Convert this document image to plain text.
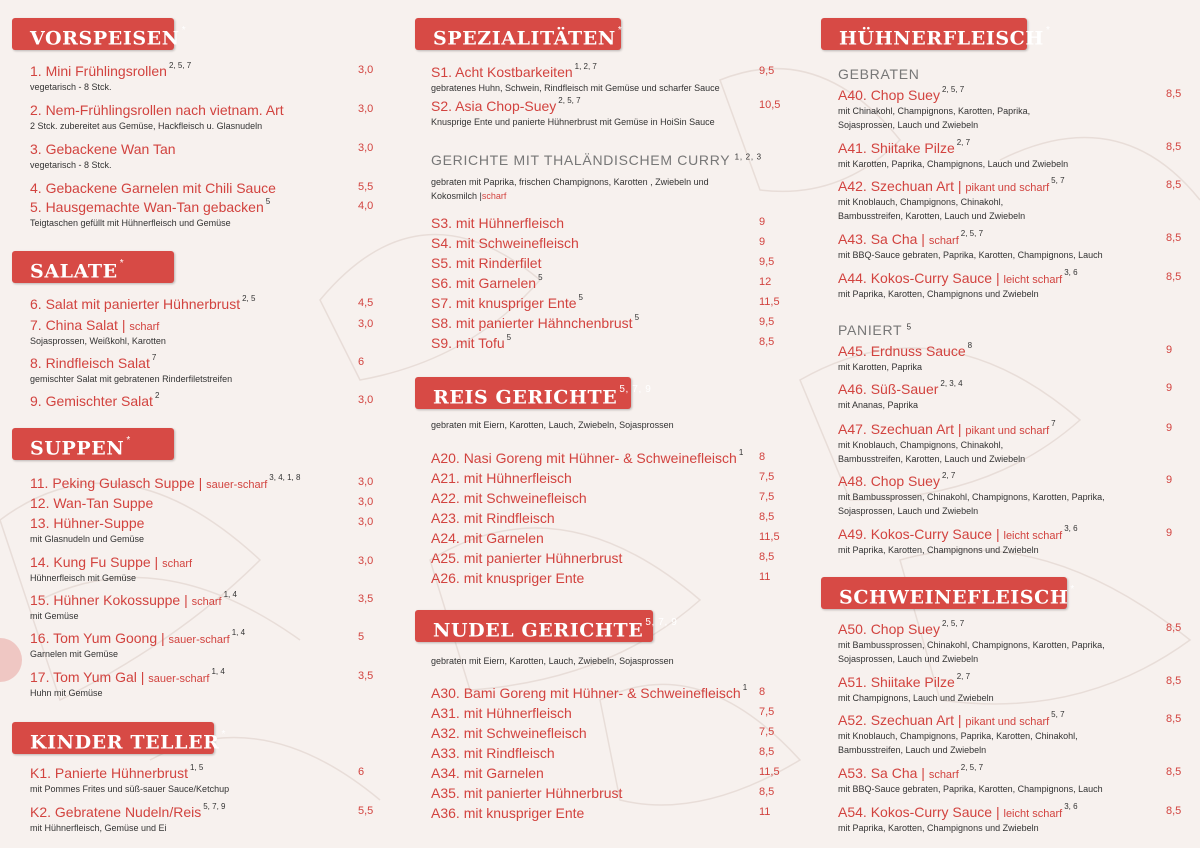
VORSPEISEN *
1. Mini Frühlingsrollen $^{2, 5, 7}$	3,0
vegetarisch - 8 Stck.
2. Nem-Frühlingsrollen nach vietnam. Art	3,0
2 Stck. zubereitet aus Gemüse, Hackfleisch u. Glasnudeln
3. Gebackene Wan Tan	3,0
vegetarisch - 8 Stck.
4. Gebackene Garnelen mit Chili Sauce	5,5
5. Hausgemachte Wan-Tan gebacken $^5$	4,0
Teigtaschen gefüllt mit Hühnerfleisch und Gemüse
SALATE *
6. Salat mit panierter Hühnerbrust $^{2, 5}$	4,5
7. China Salat | scharf	3,0
Sojasprossen, Weißkohl, Karotten
8. Rindfleisch Salat $^7$	6
gemischter Salat mit gebratenen Rinderfiletstreifen
9. Gemischter Salat $^2$	3,0
SUPPEN *
11. Peking Gulasch Suppe | sauer-scharf$^{3, 4, 1, 8}$	3,0
12. Wan-Tan Suppe	3,0
13. Hühner-Suppe	3,0
mit Glasnudeln und Gemüse
14. Kung Fu Suppe | scharf	3,0
Hühnerfleisch mit Gemüse
15. Hühner Kokossuppe | scharf$^{1, 4}$	3,5
mit Gemüse
16. Tom Yum Goong | sauer-scharf$^{1, 4}$	5
Garnelen mit Gemüse
17. Tom Yum Gal | sauer-scharf$^{1, 4}$	3,5
Huhn mit Gemüse
KINDER TELLER *
K1. Panierte Hühnerbrust $^{1, 5}$	6
mit Pommes Frites und süß-sauer Sauce/Ketchup
K2. Gebratene Nudeln/Reis $^{5, 7, 9}$	5,5
mit Hühnerfleisch, Gemüse und Ei
SPEZIALITÄTEN *
S1. Acht Kostbarkeiten $^{1, 2, 7}$	9,5
gebratenes Huhn, Schwein, Rindfleisch mit Gemüse und scharfer Sauce
S2. Asia Chop-Suey $^{2, 5, 7}$	10,5
Knusprige Ente und panierte Hühnerbrust mit Gemüse in HoiSin Sauce
GERICHTE MIT THALÄNDISCHEM CURRY $^{1, 2, 3}$
gebraten mit Paprika, frischen Champignons, Karotten , Zwiebeln und
Kokosmilch |scharf
S3. mit Hühnerfleisch	9
S4. mit Schweinefleisch	9
S5. mit Rinderfilet	9,5
S6. mit Garnelen $^5$	12
S7. mit knuspriger Ente $^5$	11,5
S8. mit panierter Hähnchenbrust $^5$	9,5
S9. mit Tofu $^5$	8,5
REIS GERICHTE $^{5, 7, 9}$
gebraten mit Eiern, Karotten, Lauch, Zwiebeln, Sojasprossen
A20. Nasi Goreng mit Hühner- & Schweinefleisch $^1$ 8
A21. mit Hühnerfleisch	7,5
A22. mit Schweinefleisch	7,5
A23. mit Rindfleisch	8,5
A24. mit Garnelen	11,5
A25. mit panierter Hühnerbrust	8,5
A26. mit knuspriger Ente	11
NUDEL GERICHTE $^{5, 7, 9}$
gebraten mit Eiern, Karotten, Lauch, Zwiebeln, Sojasprossen
A30. Bami Goreng mit Hühner- & Schweinefleisch $^1$ 8
A31. mit Hühnerfleisch	7,5
A32. mit Schweinefleisch	7,5
A33. mit Rindfleisch	8,5
A34. mit Garnelen	11,5
A35. mit panierter Hühnerbrust	8,5
A36. mit knuspriger Ente	11
HÜHNERFLEISCH *
GEBRATEN
A40. Chop Suey $^{2, 5, 7}$	8,5
mit Chinakohl, Champignons, Karotten, Paprika,
Sojasprossen, Lauch und Zwiebeln
A41. Shiitake Pilze $^{2, 7}$	8,5
mit Karotten, Paprika, Champignons, Lauch und Zwiebeln
A42. Szechuan Art | pikant und scharf$^{5, 7}$	8,5
mit Knoblauch, Champignons, Chinakohl,
Bambusstreifen, Karotten, Lauch und Zwiebeln
A43. Sa Cha | scharf$^{2, 5, 7}$	8,5
mit BBQ-Sauce gebraten, Paprika, Karotten, Champignons, Lauch
A44. Kokos-Curry Sauce | leicht scharf$^{3, 6}$	8,5
mit Paprika, Karotten, Champignons und Zwiebeln
PANIERT $^5$
A45. Erdnuss Sauce $^8$	9
mit Karotten, Paprika
A46. Süß-Sauer $^{2, 3, 4}$	9
mit Ananas, Paprika
A47. Szechuan Art | pikant und scharf$^7$	9
mit Knoblauch, Champignons, Chinakohl,
Bambusstreifen, Karotten, Lauch und Zwiebeln
A48. Chop Suey $^{2, 7}$	9
mit Bambussprossen, Chinakohl, Champignons, Karotten, Paprika,
Sojasprossen, Lauch und Zwiebeln
A49. Kokos-Curry Sauce | leicht scharf$^{3, 6}$	9
mit Paprika, Karotten, Champignons und Zwiebeln
SCHWEINEFLEISCH *
A50. Chop Suey $^{2, 5, 7}$	8,5
mit Bambussprossen, Chinakohl, Champignons, Karotten, Paprika,
Sojasprossen, Lauch und Zwiebeln
A51. Shiitake Pilze $^{2, 7}$	8,5
mit Champignons, Lauch und Zwiebeln
A52. Szechuan Art | pikant und scharf$^{5, 7}$	8,5
mit Knoblauch, Champignons, Paprika, Karotten, Chinakohl,
Bambusstreifen, Lauch und Zwiebeln
A53. Sa Cha | scharf$^{2, 5, 7}$	8,5
mit BBQ-Sauce gebraten, Paprika, Karotten, Champignons, Lauch
A54. Kokos-Curry Sauce | leicht scharf$^{3, 6}$	8,5
mit Paprika, Karotten, Champignons und Zwiebeln
